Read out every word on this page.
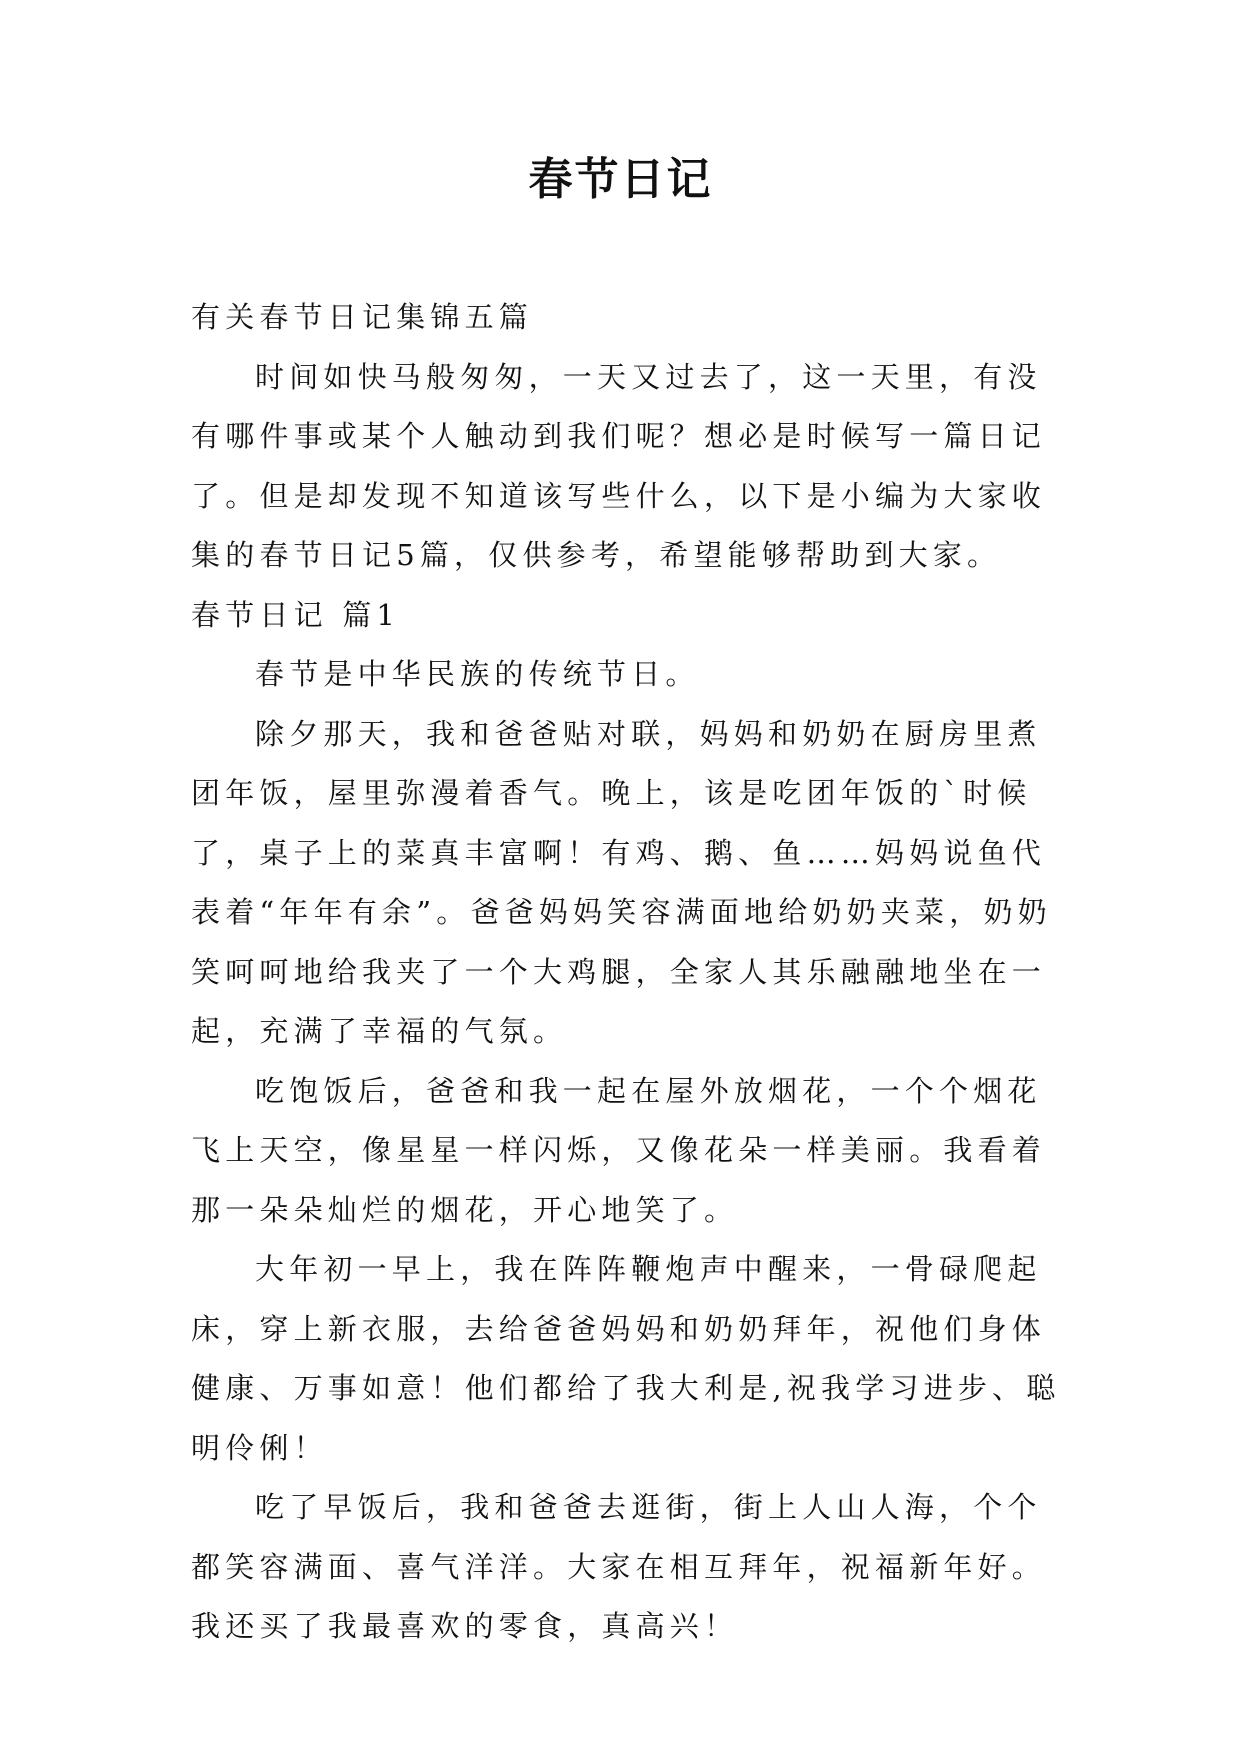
春节日记

有关春节日记集锦五篇

时间如快马般匆匆，一天又过去了，这一天里，有没有哪件事或某个人触动到我们呢？想必是时候写一篇日记了。但是却发现不知道该写些什么，以下是小编为大家收集的春节日记5篇，仅供参考，希望能够帮助到大家。

春节日记 篇1

春节是中华民族的传统节日。

除夕那天，我和爸爸贴对联，妈妈和奶奶在厨房里煮团年饭，屋里弥漫着香气。晚上，该是吃团年饭的`时候了，桌子上的菜真丰富啊！有鸡、鹅、鱼……妈妈说鱼代表着“年年有余”。爸爸妈妈笑容满面地给奶奶夹菜，奶奶笑呵呵地给我夹了一个大鸡腿，全家人其乐融融地坐在一起，充满了幸福的气氛。

吃饱饭后，爸爸和我一起在屋外放烟花，一个个烟花飞上天空，像星星一样闪烁，又像花朵一样美丽。我看着那一朵朵灿烂的烟花，开心地笑了。

大年初一早上，我在阵阵鞭炮声中醒来，一骨碌爬起床，穿上新衣服，去给爸爸妈妈和奶奶拜年，祝他们身体健康、万事如意！他们都给了我大利是,祝我学习进步、聪明伶俐！

吃了早饭后，我和爸爸去逛街，街上人山人海，个个都笑容满面、喜气洋洋。大家在相互拜年，祝福新年好。我还买了我最喜欢的零食，真高兴！
